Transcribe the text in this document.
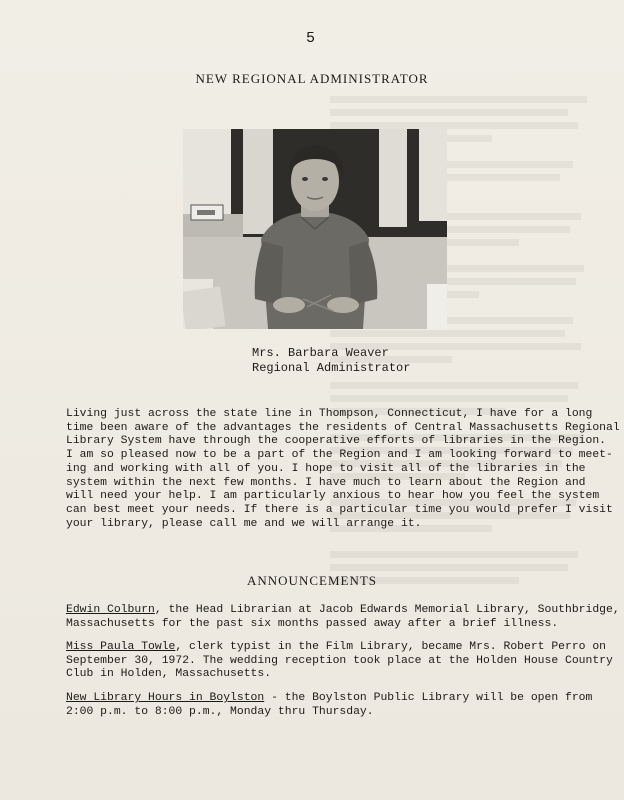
5
NEW REGIONAL ADMINISTRATOR
Mrs. Barbara Weaver
Regional Administrator
Living just across the state line in Thompson, Connecticut, I have for a long
time been aware of the advantages the residents of Central Massachusetts Regional
Library System have through the cooperative efforts of libraries in the Region.
I am so pleased now to be a part of the Region and I am looking forward to meet-
ing and working with all of you. I hope to visit all of the libraries in the
system within the next few months. I have much to learn about the Region and
will need your help. I am particularly anxious to hear how you feel the system
can best meet your needs. If there is a particular time you would prefer I visit
your library, please call me and we will arrange it.
ANNOUNCEMENTS
Edwin Colburn, the Head Librarian at Jacob Edwards Memorial Library, Southbridge,
Massachusetts for the past six months passed away after a brief illness.
Miss Paula Towle, clerk typist in the Film Library, became Mrs. Robert Perro on
September 30, 1972. The wedding reception took place at the Holden House Country
Club in Holden, Massachusetts.
New Library Hours in Boylston - the Boylston Public Library will be open from
2:00 p.m. to 8:00 p.m., Monday thru Thursday.
